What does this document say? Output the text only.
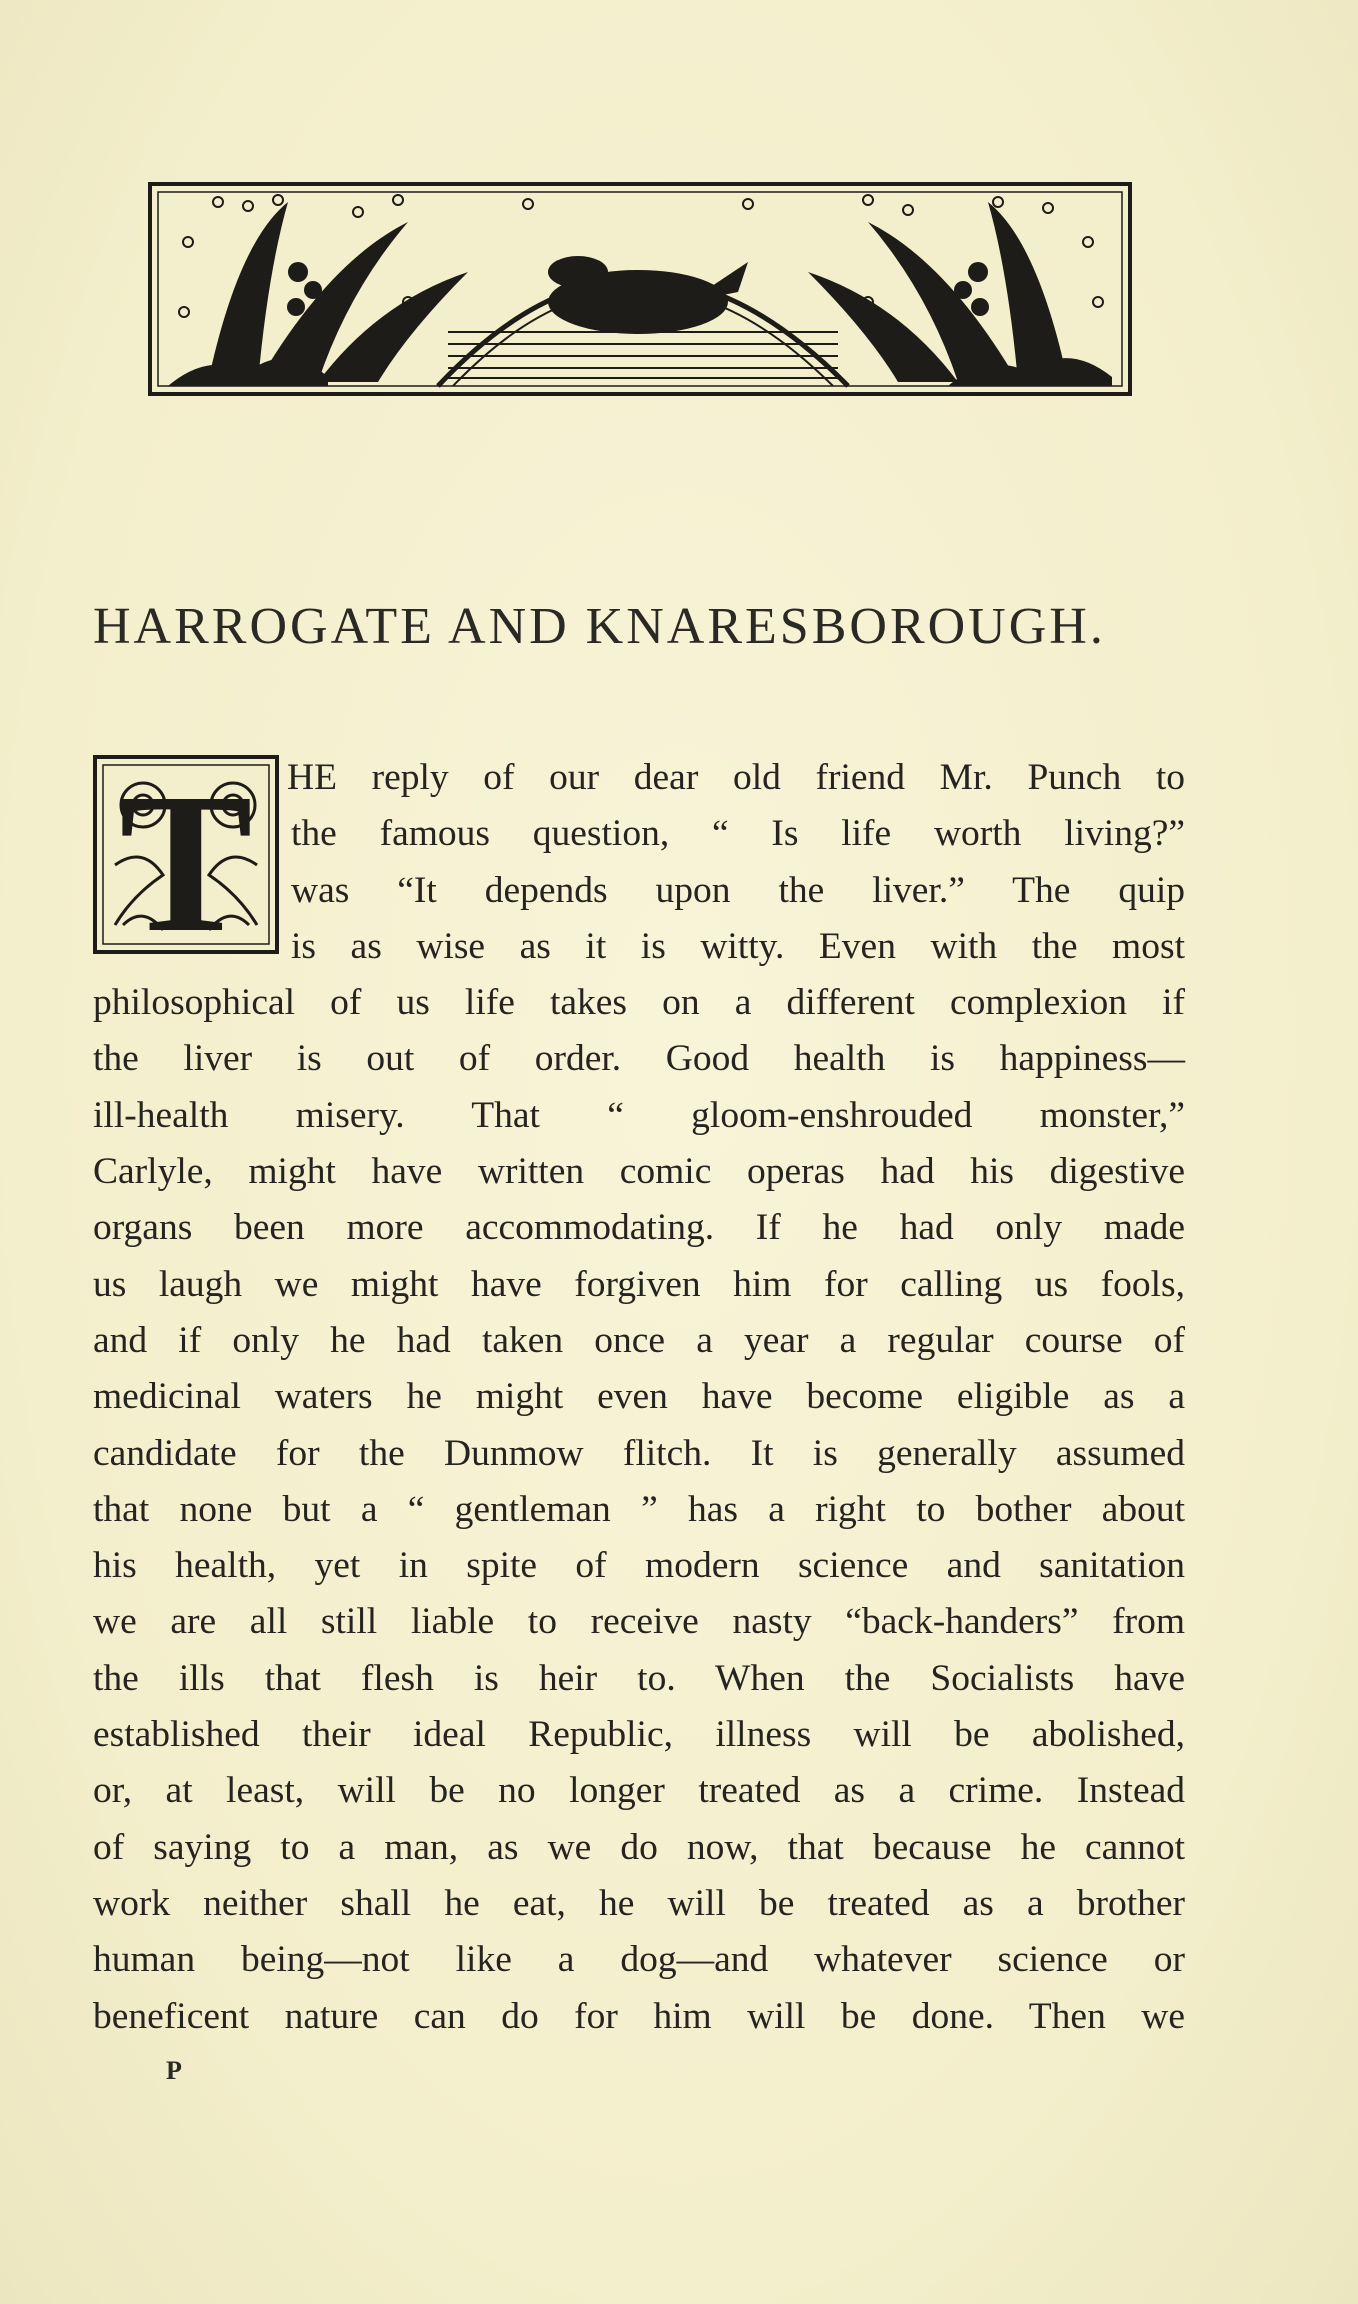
HARROGATE AND KNARESBOROUGH.
T HE reply of our dear old friend Mr. Punch to
the famous question, “ Is life worth living?”
was “It depends upon the liver.” The quip
is as wise as it is witty. Even with the most
philosophical of us life takes on a different complexion if
the liver is out of order. Good health is happiness—
ill-health misery. That “ gloom-enshrouded monster,”
Carlyle, might have written comic operas had his digestive
organs been more accommodating. If he had only made
us laugh we might have forgiven him for calling us fools,
and if only he had taken once a year a regular course of
medicinal waters he might even have become eligible as a
candidate for the Dunmow flitch. It is generally assumed
that none but a “ gentleman ” has a right to bother about
his health, yet in spite of modern science and sanitation
we are all still liable to receive nasty “back-handers” from
the ills that flesh is heir to. When the Socialists have
established their ideal Republic, illness will be abolished,
or, at least, will be no longer treated as a crime. Instead
of saying to a man, as we do now, that because he cannot
work neither shall he eat, he will be treated as a brother
human being—not like a dog—and whatever science or
beneficent nature can do for him will be done. Then we
P
